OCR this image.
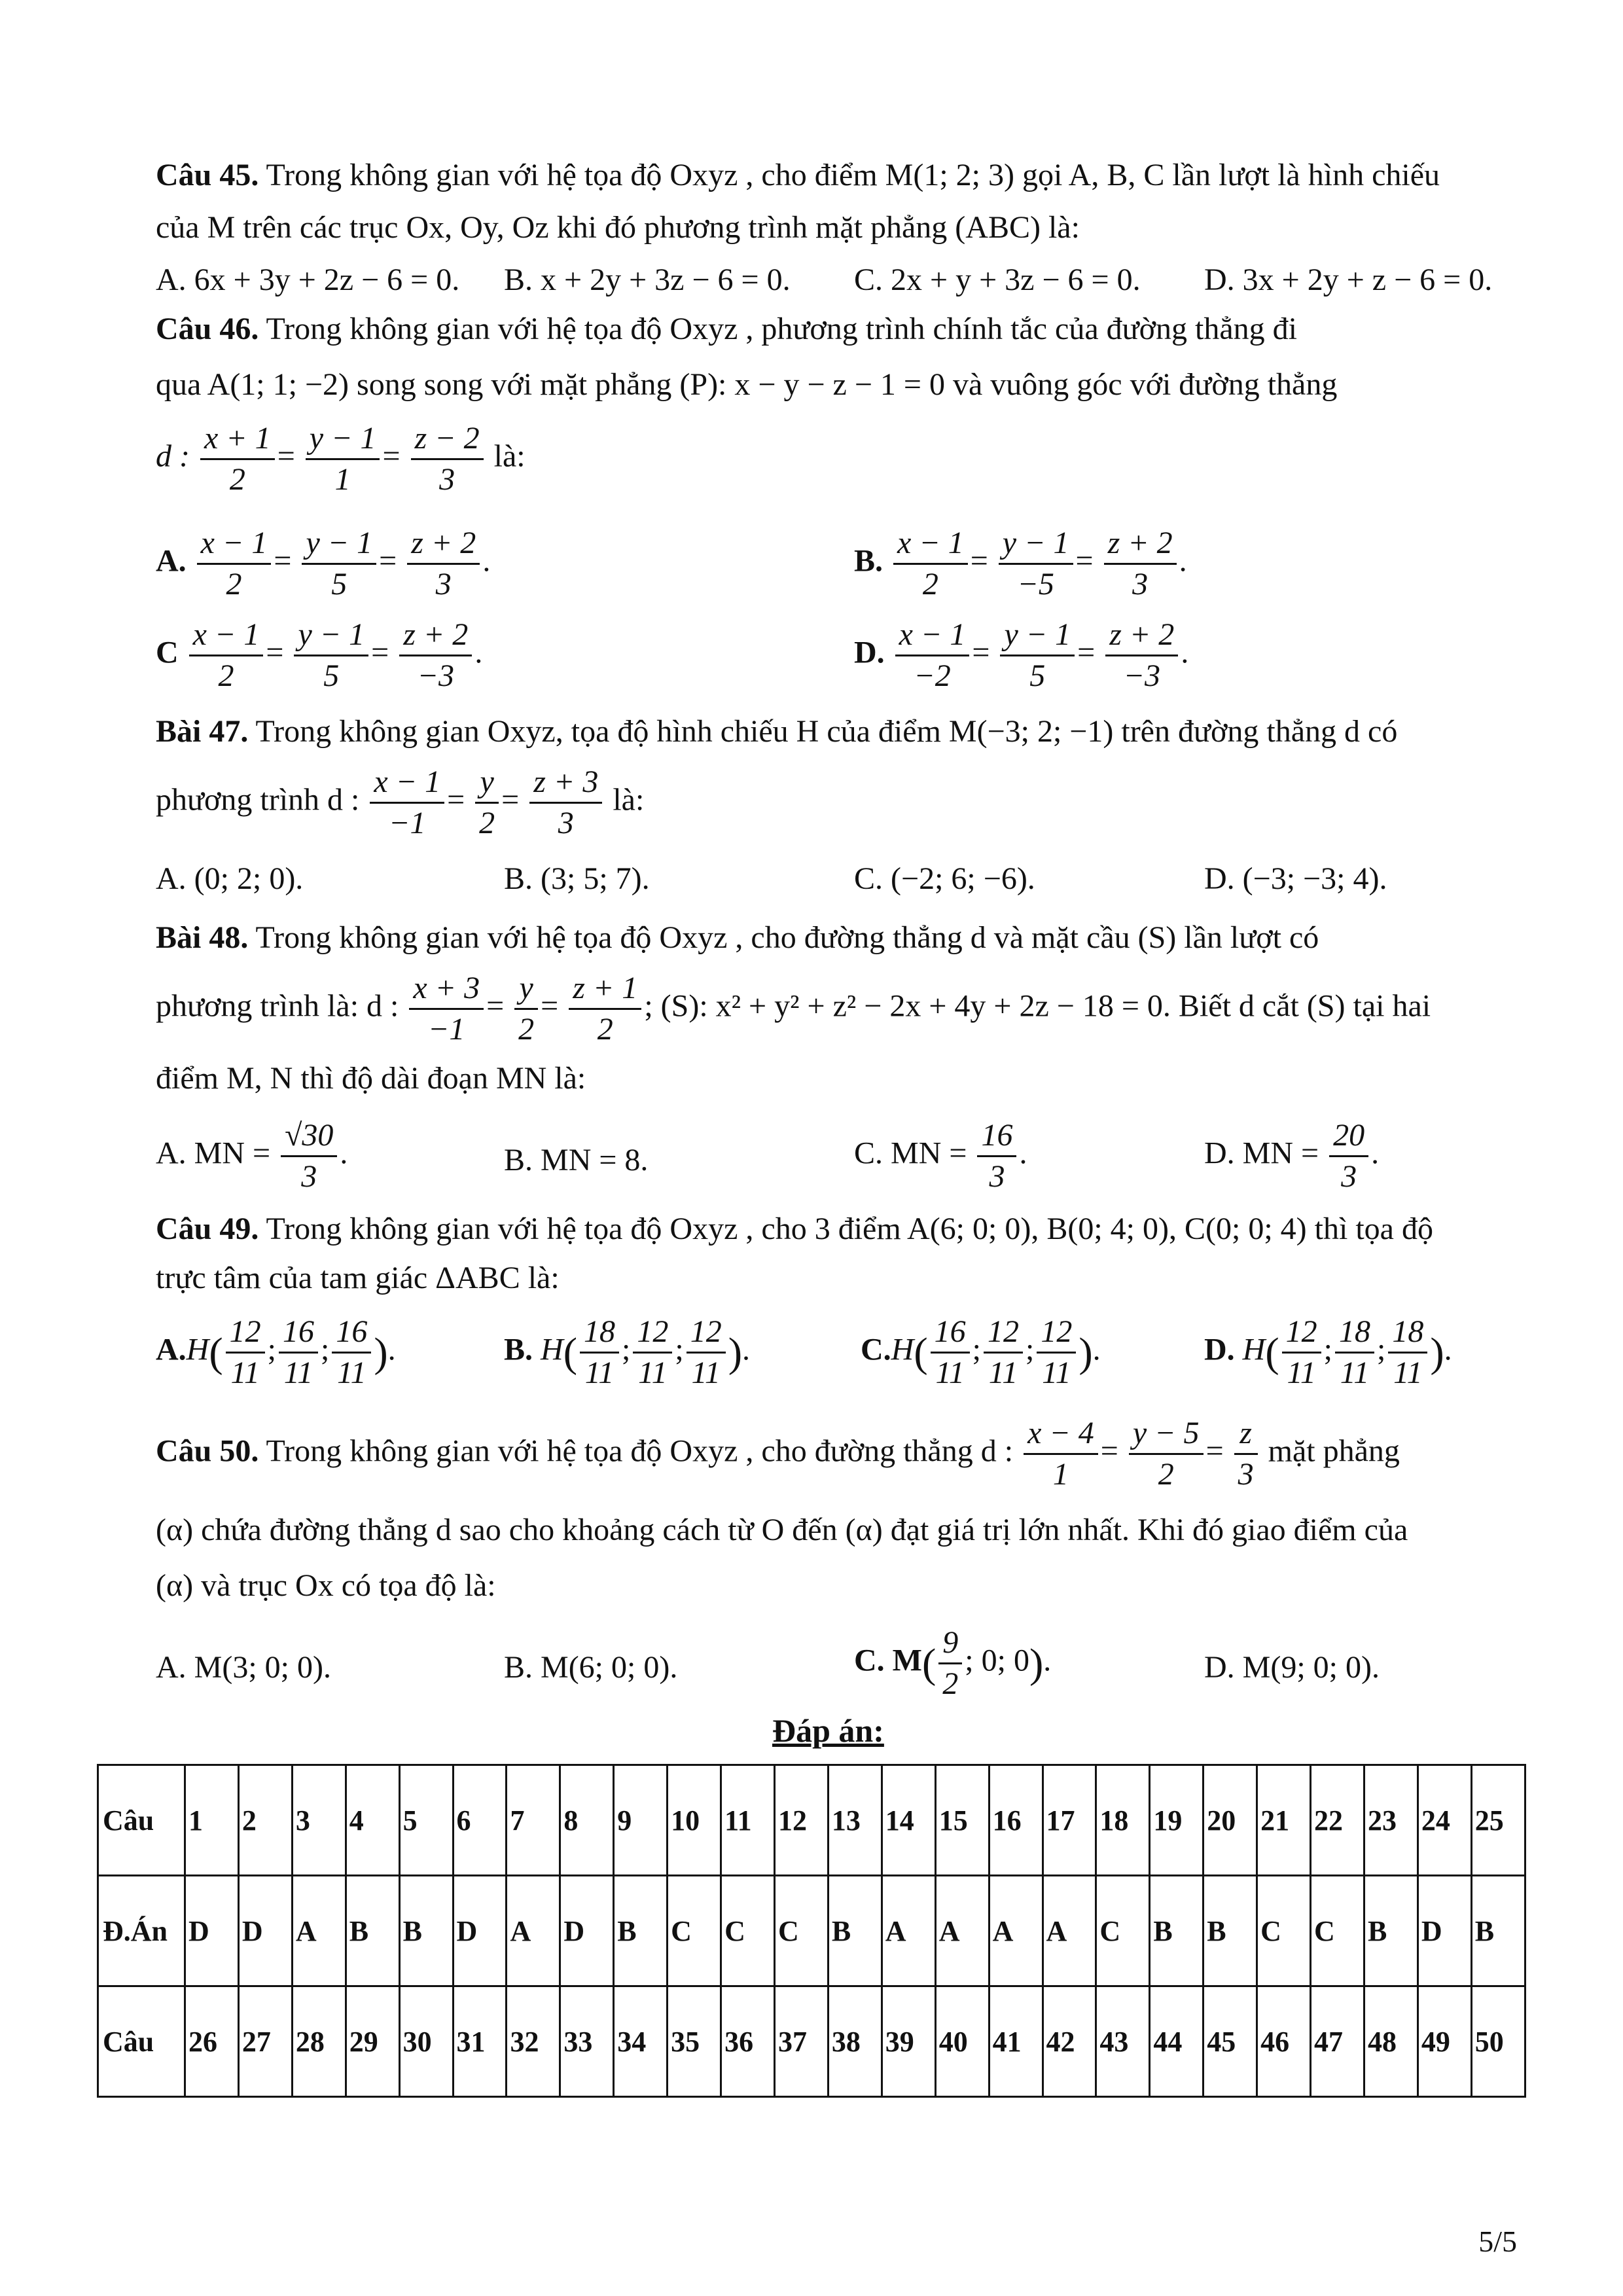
Câu 45. Trong không gian với hệ tọa độ Oxyz , cho điểm M(1; 2; 3) gọi A, B, C lần lượt là hình chiếu
của M trên các trục Ox, Oy, Oz khi đó phương trình mặt phẳng (ABC) là:
A. 6x + 3y + 2z − 6 = 0. B. x + 2y + 3z − 6 = 0. C. 2x + y + 3z − 6 = 0. D. 3x + 2y + z − 6 = 0.
Câu 46. Trong không gian với hệ tọa độ Oxyz , phương trình chính tắc của đường thẳng đi
qua A(1; 1; −2) song song với mặt phẳng (P): x − y − z − 1 = 0 và vuông góc với đường thẳng
d : $\frac{x + 1}{2} = \frac{y - 1}{1} = \frac{z - 2}{3}$ là:
A. $\frac{x - 1}{2} = \frac{y - 1}{5} = \frac{z + 2}{3}$ .	B. $\frac{x - 1}{2} = \frac{y - 1}{-5} = \frac{z + 2}{3}$ .
C $\frac{x - 1}{2} = \frac{y - 1}{5} = \frac{z + 2}{-3}$ .	D. $\frac{x - 1}{-2} = \frac{y - 1}{5} = \frac{z + 2}{-3}$ .
Bài 47. Trong không gian Oxyz, tọa độ hình chiếu H của điểm M(−3; 2; −1) trên đường thẳng d có
phương trình d : $\frac{x - 1}{-1} = \frac{y}{2} = \frac{z + 3}{3}$ là:
A. (0; 2; 0).	B. (3; 5; 7).	C. (−2; 6; −6).	D. (−3; −3; 4).
Bài 48. Trong không gian với hệ tọa độ Oxyz , cho đường thẳng d và mặt cầu (S) lần lượt có
phương trình là: d : $\frac{x + 3}{-1} = \frac{y}{2} = \frac{z + 1}{2}$ ; (S): x² + y² + z² − 2x + 4y + 2z − 18 = 0. Biết d cắt (S) tại hai
điểm M, N thì độ dài đoạn MN là:
A. MN = $\frac{√30}{3}$ .	B. MN = 8.	C. MN = $\frac{16}{3}$ .	D. MN = $\frac{20}{3}$ .
Câu 49. Trong không gian với hệ tọa độ Oxyz , cho 3 điểm A(6; 0; 0), B(0; 4; 0), C(0; 0; 4) thì tọa độ
trực tâm của tam giác ΔABC là:
$A.H( \frac{12}{11}$ ; $\frac{16}{11}$ ; $\frac{16}{11}$ ).	B. $H( \frac{18}{11}$ ; $\frac{12}{11}$ ; $\frac{12}{11}$ ).	$C.H( \frac{16}{11}$ ; $\frac{12}{11}$ ; $\frac{12}{11}$ ).	D. $H( \frac{12}{11}$ ; $\frac{18}{11}$ ; $\frac{18}{11}$ ).
Câu 50. Trong không gian với hệ tọa độ Oxyz , cho đường thẳng d : $\frac{x - 4}{1} = \frac{y - 5}{2} = \frac{z}{3}$ mặt phẳng
(α) chứa đường thẳng d sao cho khoảng cách từ O đến (α) đạt giá trị lớn nhất. Khi đó giao điểm của
(α) và trục Ox có tọa độ là:
A. M(3; 0; 0).	B. M(6; 0; 0).	C. $M( \frac{9}{2}$ ; 0; 0).	D. M(9; 0; 0).
Đáp án:
Câu	1	2	3	4	5	6	7	8	9	10	11	12	13	14	15	16	17	18	19	20	21	22	23	24	25
Đ.Án	D	D	A	B	B	D	A	D	B	C	C	C	B	A	A	A	A	C	B	B	C	C	B	D	B
Câu	26	27	28	29	30	31	32	33	34	35	36	37	38	39	40	41	42	43	44	45	46	47	48	49	50
5/5
